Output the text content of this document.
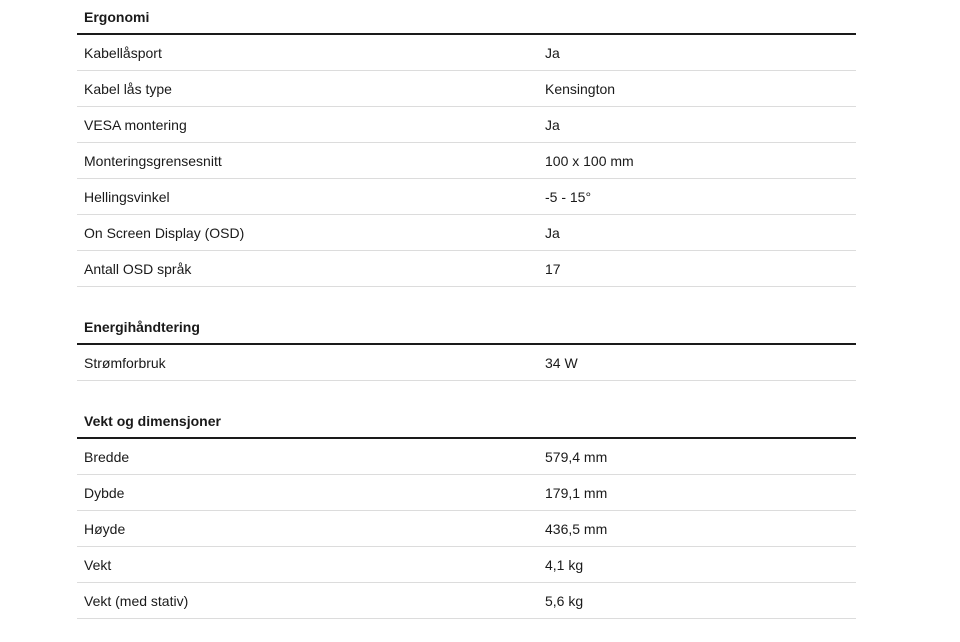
Ergonomi
Kabellåsport	Ja
Kabel lås type	Kensington
VESA montering	Ja
Monteringsgrensesnitt	100 x 100 mm
Hellingsvinkel	-5 - 15°
On Screen Display (OSD)	Ja
Antall OSD språk	17
Energihåndtering
Strømforbruk	34 W
Vekt og dimensjoner
Bredde	579,4 mm
Dybde	179,1 mm
Høyde	436,5 mm
Vekt	4,1 kg
Vekt (med stativ)	5,6 kg
